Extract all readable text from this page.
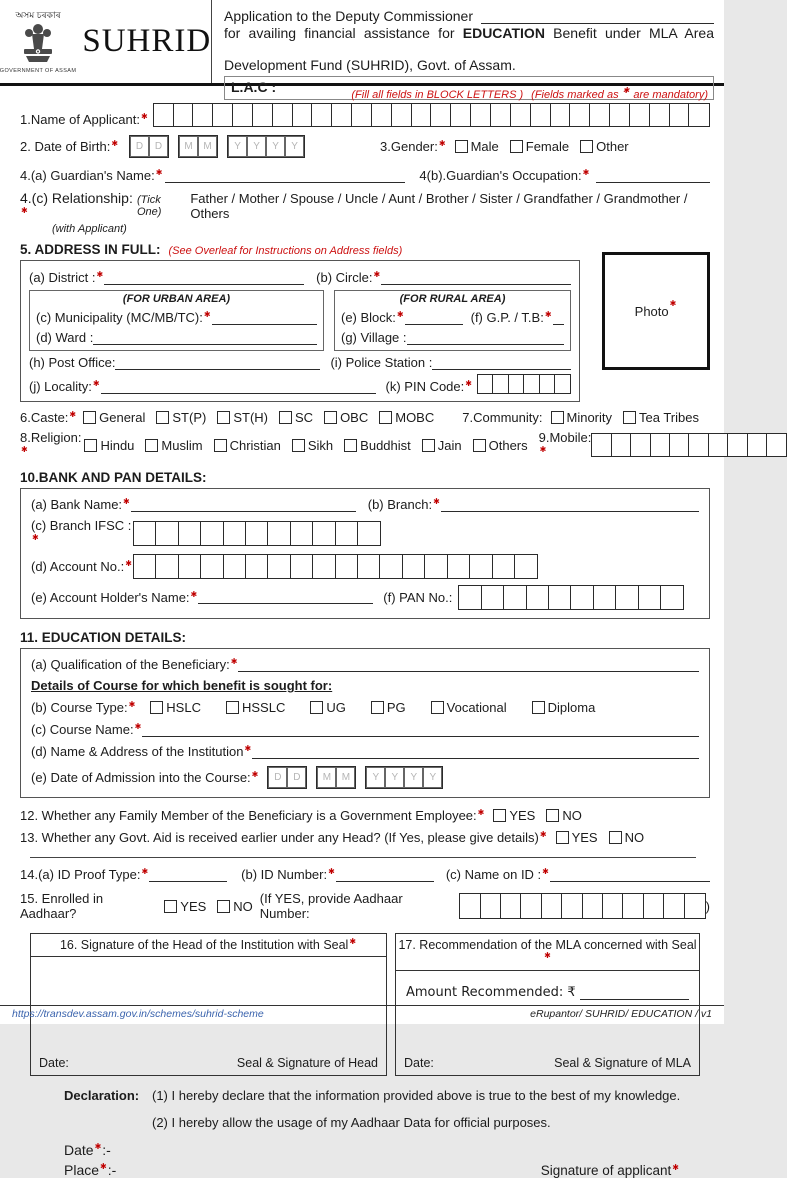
অসম চৰকাৰ
GOVERNMENT OF ASSAM
SUHRID
Application to the Deputy Commissioner
for availing financial assistance for EDUCATION Benefit under MLA Area
Development Fund (SUHRID), Govt. of Assam.
L.A.C :	(Fill all fields in BLOCK LETTERS ) (Fields marked as are mandatory)
1.Name of Applicant:
2. Date of Birth:	D	D	M	M	Y	Y	Y	Y	3.Gender:	Male Female Other
4.(a) Guardian's Name:	4(b).Guardian's Occupation:
4.(c) Relationship: (Tick One)
Father / Mother / Spouse / Uncle / Aunt / Brother / Sister / Grandfather / Grandmother / Others
(with Applicant)
5. ADDRESS IN FULL: (See Overleaf for Instructions on Address fields)
(a) District :	(b) Circle:
(FOR URBAN AREA)
(c) Municipality (MC/MB/TC):
(d) Ward :
(FOR RURAL AREA)
(e) Block:	(f) G.P. / T.B:
(g) Village :
(h) Post Office:	(i) Police Station :
(j) Locality:	(k) PIN Code:
Photo
6.Caste:	General ST(P) ST(H) SC OBC MOBC 7.Community: Minority Tea Tribes
8.Religion: Hindu Muslim Christian Sikh Buddhist Jain Others 9.Mobile:
10.BANK AND PAN DETAILS:
(a) Bank Name:	(b) Branch:
(c) Branch IFSC :
(d) Account No.:
(e) Account Holder's Name:	(f) PAN No.:
11. EDUCATION DETAILS:
(a) Qualification of the Beneficiary:
Details of Course for which benefit is sought for:
(b) Course Type:	HSLC	HSSLC	UG	PG	Vocational	Diploma
(c) Course Name:
(d) Name & Address of the Institution
(e) Date of Admission into the Course:	D	D	M	M	Y	Y	Y	Y
12. Whether any Family Member of the Beneficiary is a Government Employee:	YES NO
13. Whether any Govt. Aid is received earlier under any Head? (If Yes, please give details)	YES NO
14.(a) ID Proof Type:	(b) ID Number:	(c) Name on ID :
15. Enrolled in Aadhaar?	YES NO (If YES, provide Aadhaar Number:	)
16. Signature of the Head of the Institution with Seal
Date:	Seal & Signature of Head
17. Recommendation of the MLA concerned with Seal
Amount Recommended: ₹
Date:	Seal & Signature of MLA
Declaration: (1) I hereby declare that the information provided above is true to the best of my knowledge.

(2) I hereby allow the usage of my Aadhaar Data for official purposes.

Date :-
Place :-	Signature of applicant
https://transdev.assam.gov.in/schemes/suhrid-scheme	eRupantor/ SUHRID/ EDUCATION / v1
